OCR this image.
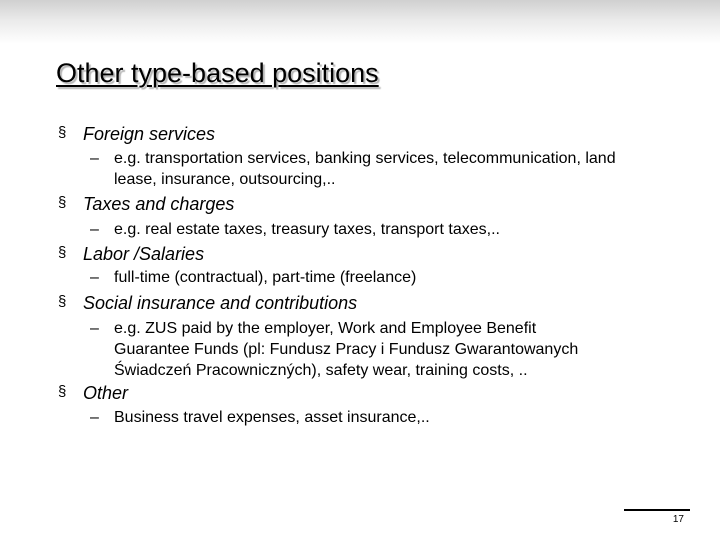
Other type-based positions
§ Foreign services
– e.g. transportation services, banking services, telecommunication, land
lease, insurance, outsourcing,..
§ Taxes and charges
– e.g. real estate taxes, treasury taxes, transport taxes,..
§ Labor /Salaries
– full-time (contractual), part-time (freelance)
§ Social insurance and contributions
– e.g. ZUS paid by the employer, Work and Employee Benefit
Guarantee Funds (pl: Fundusz Pracy i Fundusz Gwarantowanych
Świadczeń Pracowniczných), safety wear, training costs, ..
§ Other
– Business travel expenses, asset insurance,..
17
